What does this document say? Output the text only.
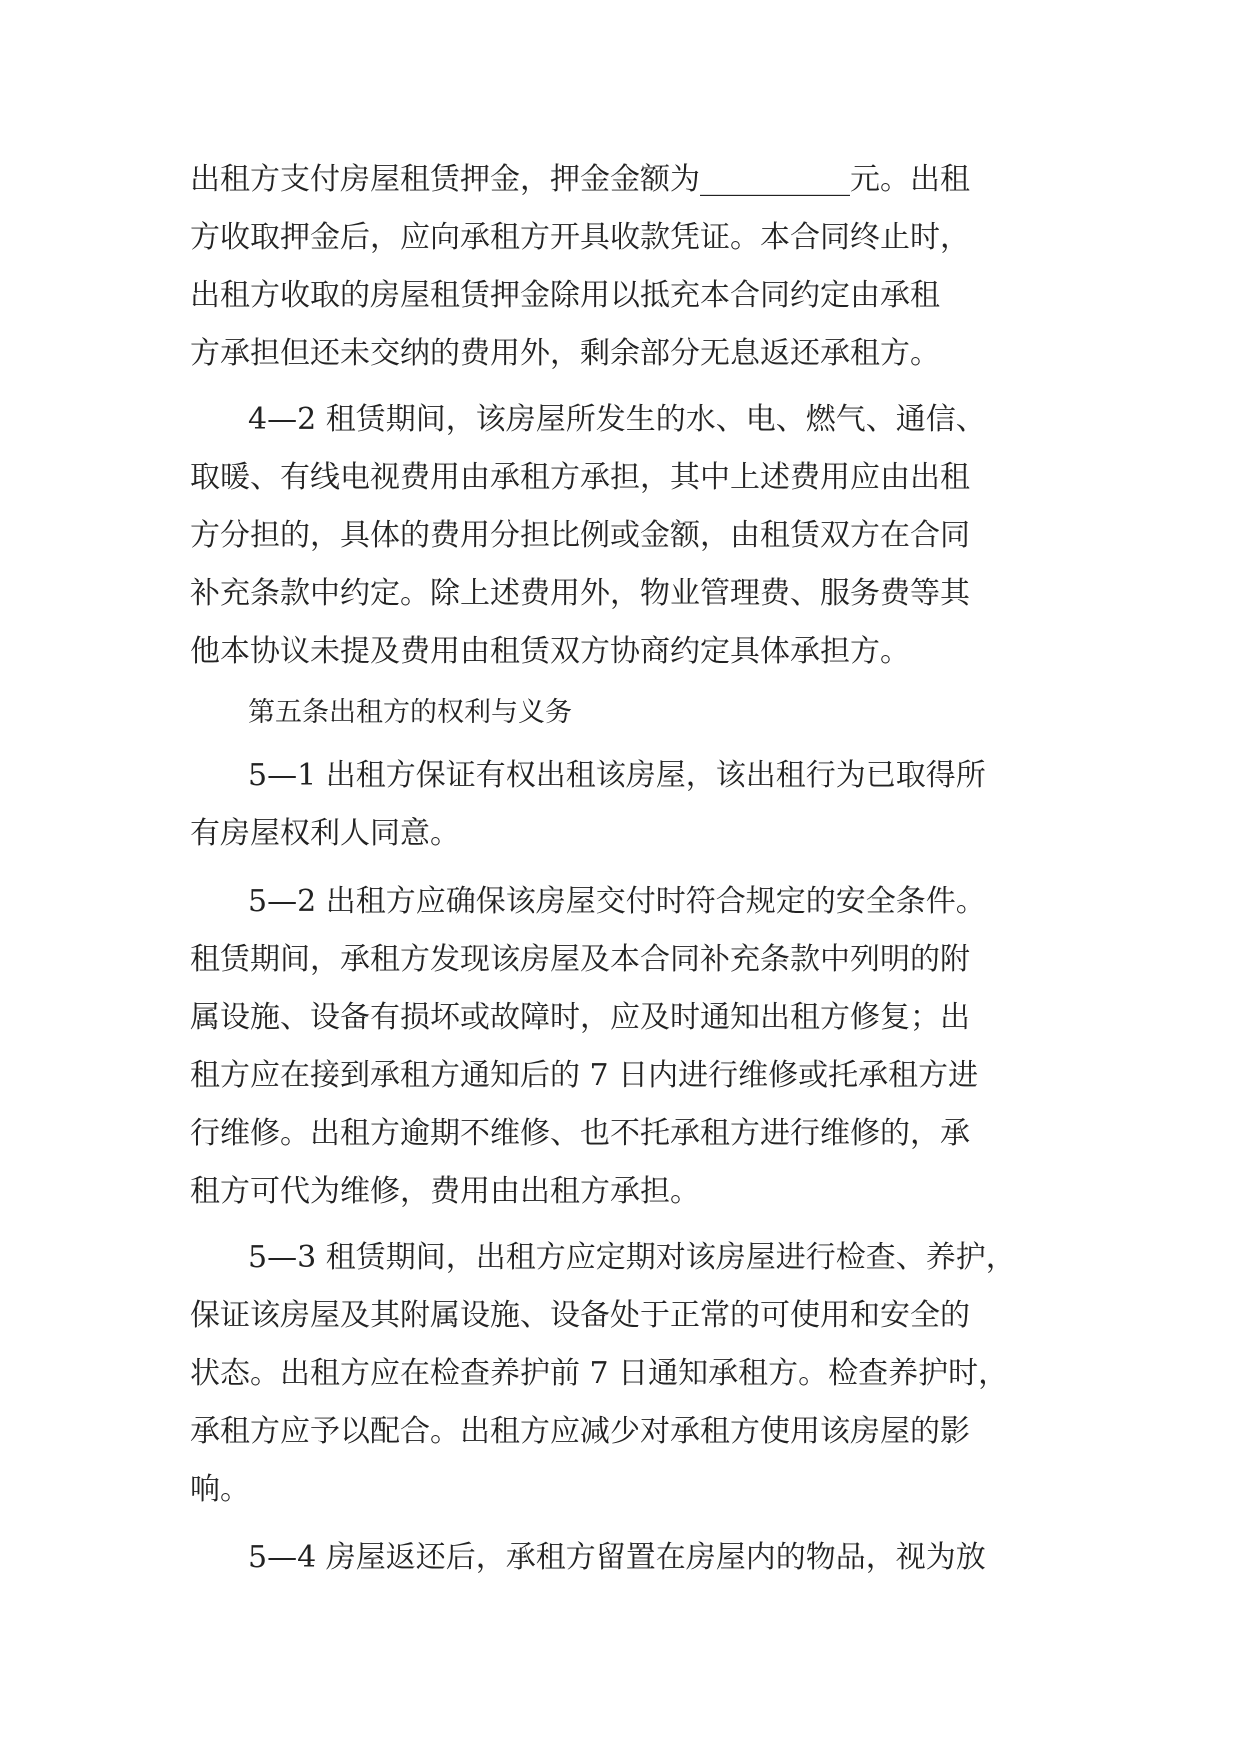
出租方支付房屋租赁押金，押金金额为__________元。出租
方收取押金后，应向承租方开具收款凭证。本合同终止时，
出租方收取的房屋租赁押金除用以抵充本合同约定由承租
方承担但还未交纳的费用外，剩余部分无息返还承租方。
4—2 租赁期间，该房屋所发生的水、电、燃气、通信、
取暖、有线电视费用由承租方承担，其中上述费用应由出租
方分担的，具体的费用分担比例或金额，由租赁双方在合同
补充条款中约定。除上述费用外，物业管理费、服务费等其
他本协议未提及费用由租赁双方协商约定具体承担方。
第五条出租方的权利与义务
5—1 出租方保证有权出租该房屋，该出租行为已取得所
有房屋权利人同意。
5—2 出租方应确保该房屋交付时符合规定的安全条件。
租赁期间，承租方发现该房屋及本合同补充条款中列明的附
属设施、设备有损坏或故障时，应及时通知出租方修复；出
租方应在接到承租方通知后的 7 日内进行维修或托承租方进
行维修。出租方逾期不维修、也不托承租方进行维修的，承
租方可代为维修，费用由出租方承担。
5—3 租赁期间，出租方应定期对该房屋进行检查、养护，
保证该房屋及其附属设施、设备处于正常的可使用和安全的
状态。出租方应在检查养护前 7 日通知承租方。检查养护时，
承租方应予以配合。出租方应减少对承租方使用该房屋的影
响。
5—4 房屋返还后，承租方留置在房屋内的物品，视为放
